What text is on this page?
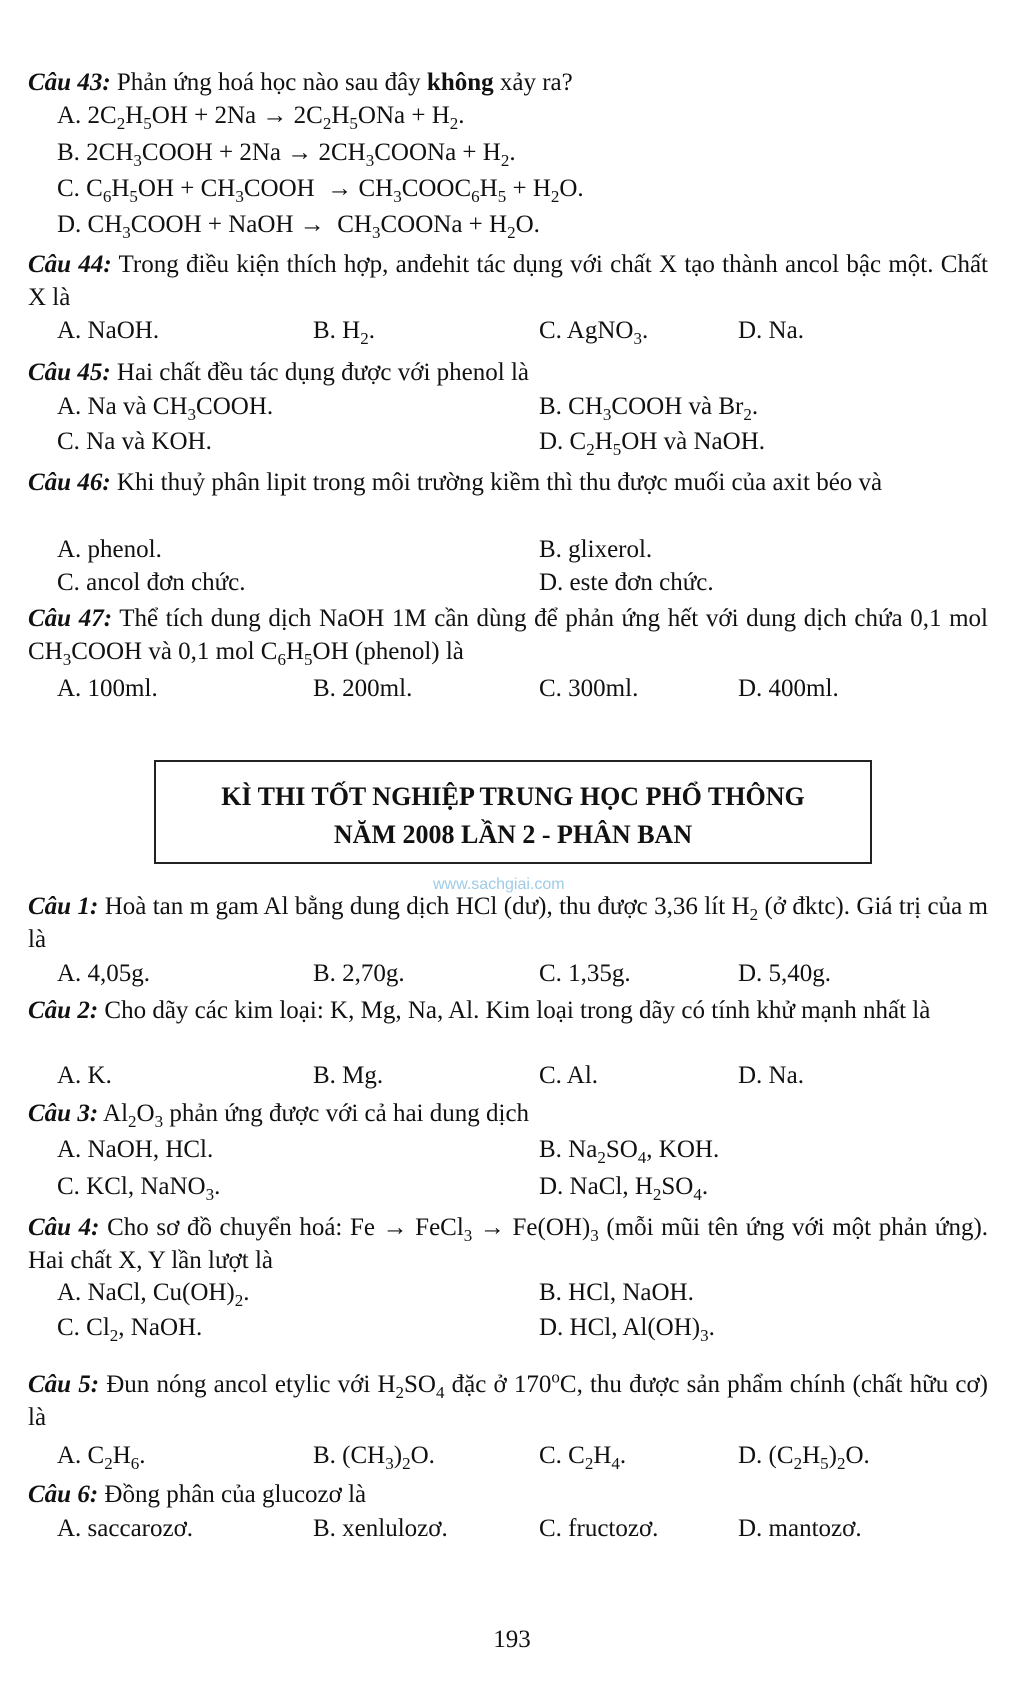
Câu 43: Phản ứng hoá học nào sau đây không xảy ra?
A. $2C_2H_5OH + 2Na \to 2C_2H_5ONa + H_2$.
B. $2CH_3COOH + 2Na$ → $2CH_3COONa + H_2$.
C. $C_6H_5OH$ + $CH_3COOH$  → $CH_3COOC_6H_5 + H_2O$.
D. $CH_3COOH$ + NaOH →  $CH_3COONa + H_2O$.
Câu 44: Trong điều kiện thích hợp, anđehit tác dụng với chất X tạo thành ancol bậc một. Chất X là
A. NaOH.	B. $H_2$.	C. AgNO$_3$.	D. Na.
Câu 45: Hai chất đều tác dụng được với phenol là
A. Na và $CH_3COOH$.	B. $CH_3COOH$ và $Br_2$.
C. Na và KOH.	D. $C_2H_5OH$ và NaOH.
Câu 46: Khi thuỷ phân lipit trong môi trường kiềm thì thu được muối của axit béo và
A. phenol.	B. glixerol.
C. ancol đơn chức.	D. este đơn chức.
Câu 47: Thể tích dung dịch NaOH 1M cần dùng để phản ứng hết với dung dịch chứa 0,1 mol $CH_3COOH$ và 0,1 mol $C_6H_5OH$ (phenol) là
A. 100ml.	B. 200ml.	C. 300ml.	D. 400ml.
KÌ THI TỐT NGHIỆP TRUNG HỌC PHỔ THÔNG
NĂM 2008 LẦN 2 - PHÂN BAN
www.sachgiai.com
Câu 1: Hoà tan m gam Al bằng dung dịch HCl (dư), thu được 3,36 lít $H_2$ (ở đktc). Giá trị của m là
A. 4,05g.	B. 2,70g.	C. 1,35g.	D. 5,40g.
Câu 2: Cho dãy các kim loại: K, Mg, Na, Al. Kim loại trong dãy có tính khử mạnh nhất là
A. K.	B. Mg.	C. Al.	D. Na.
Câu 3: $Al_2O_3$ phản ứng được với cả hai dung dịch
A. NaOH, HCl.	B. $Na_2SO_4$, KOH.
C. KCl, NaNO$_3$.	D. NaCl, $H_2SO_4$.
Câu 4: Cho sơ đồ chuyển hoá: Fe → FeCl$_3$ → $Fe(OH)_3$ (mỗi mũi tên ứng với một phản ứng). Hai chất X, Y lần lượt là
A. NaCl, $Cu(OH)_2$.	B. HCl, NaOH.
C. $Cl_2$, NaOH.	D. HCl, $Al(OH)_3$.
Câu 5: Đun nóng ancol etylic với $H_2SO_4$ đặc ở 170$^o$C, thu được sản phẩm chính (chất hữu cơ) là
A. $C_2H_6$.	B. $(CH_3)_2O$.	C. $C_2H_4$.	D. $(C_2H_5)_2O$.
Câu 6: Đồng phân của glucozơ là
A. saccarozơ.	B. xenlulozơ.	C. fructozơ.	D. mantozơ.
193
